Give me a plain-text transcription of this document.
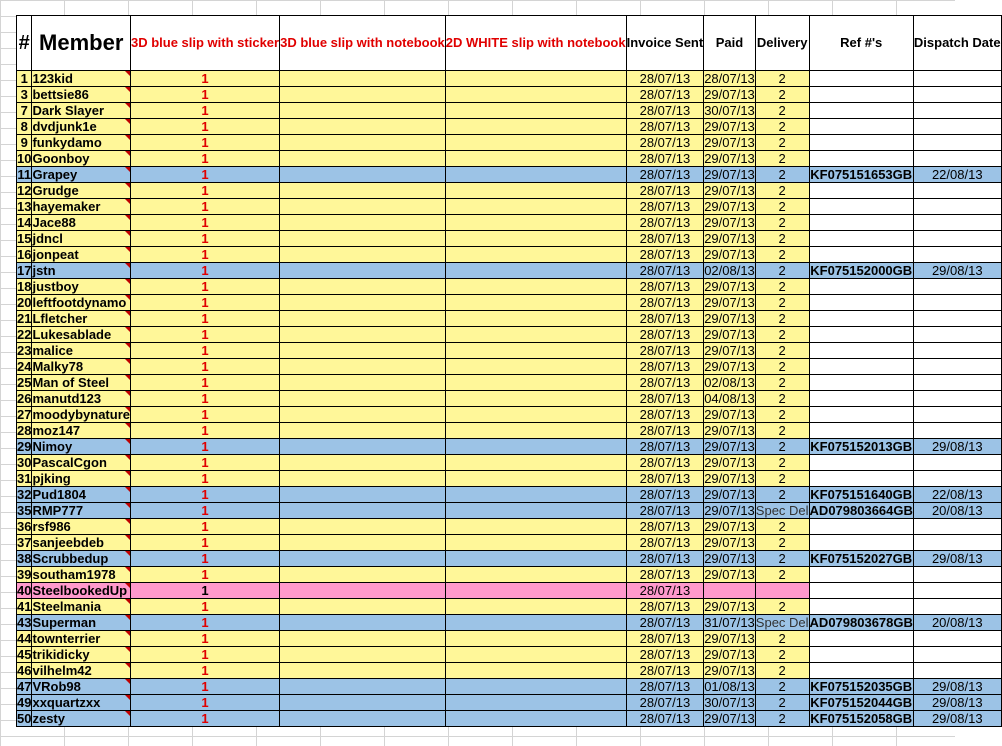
#	Member	3D blue slip with sticker	3D blue slip with notebook	2D WHITE slip with notebook	Invoice Sent	Paid	Delivery	Ref #'s	Dispatch Date
1	123kid	1			28/07/13	28/07/13	2		
3	bettsie86	1			28/07/13	29/07/13	2		
7	Dark Slayer	1			28/07/13	30/07/13	2		
8	dvdjunk1e	1			28/07/13	29/07/13	2		
9	funkydamo	1			28/07/13	29/07/13	2		
10	Goonboy	1			28/07/13	29/07/13	2		
11	Grapey	1			28/07/13	29/07/13	2	KF075151653GB	22/08/13
12	Grudge	1			28/07/13	29/07/13	2		
13	hayemaker	1			28/07/13	29/07/13	2		
14	Jace88	1			28/07/13	29/07/13	2		
15	jdncl	1			28/07/13	29/07/13	2		
16	jonpeat	1			28/07/13	29/07/13	2		
17	jstn	1			28/07/13	02/08/13	2	KF075152000GB	29/08/13
18	justboy	1			28/07/13	29/07/13	2		
20	leftfootdynamo	1			28/07/13	29/07/13	2		
21	Lfletcher	1			28/07/13	29/07/13	2		
22	Lukesablade	1			28/07/13	29/07/13	2		
23	malice	1			28/07/13	29/07/13	2		
24	Malky78	1			28/07/13	29/07/13	2		
25	Man of Steel	1			28/07/13	02/08/13	2		
26	manutd123	1			28/07/13	04/08/13	2		
27	moodybynature	1			28/07/13	29/07/13	2		
28	moz147	1			28/07/13	29/07/13	2		
29	Nimoy	1			28/07/13	29/07/13	2	KF075152013GB	29/08/13
30	PascalCgon	1			28/07/13	29/07/13	2		
31	pjking	1			28/07/13	29/07/13	2		
32	Pud1804	1			28/07/13	29/07/13	2	KF075151640GB	22/08/13
35	RMP777	1			28/07/13	29/07/13	Spec Del	AD079803664GB	20/08/13
36	rsf986	1			28/07/13	29/07/13	2		
37	sanjeebdeb	1			28/07/13	29/07/13	2		
38	Scrubbedup	1			28/07/13	29/07/13	2	KF075152027GB	29/08/13
39	southam1978	1			28/07/13	29/07/13	2		
40	SteelbookedUp	1			28/07/13				
41	Steelmania	1			28/07/13	29/07/13	2		
43	Superman	1			28/07/13	31/07/13	Spec Del	AD079803678GB	20/08/13
44	townterrier	1			28/07/13	29/07/13	2		
45	trikidicky	1			28/07/13	29/07/13	2		
46	vilhelm42	1			28/07/13	29/07/13	2		
47	VRob98	1			28/07/13	01/08/13	2	KF075152035GB	29/08/13
49	xxquartzxx	1			28/07/13	30/07/13	2	KF075152044GB	29/08/13
50	zesty	1			28/07/13	29/07/13	2	KF075152058GB	29/08/13
